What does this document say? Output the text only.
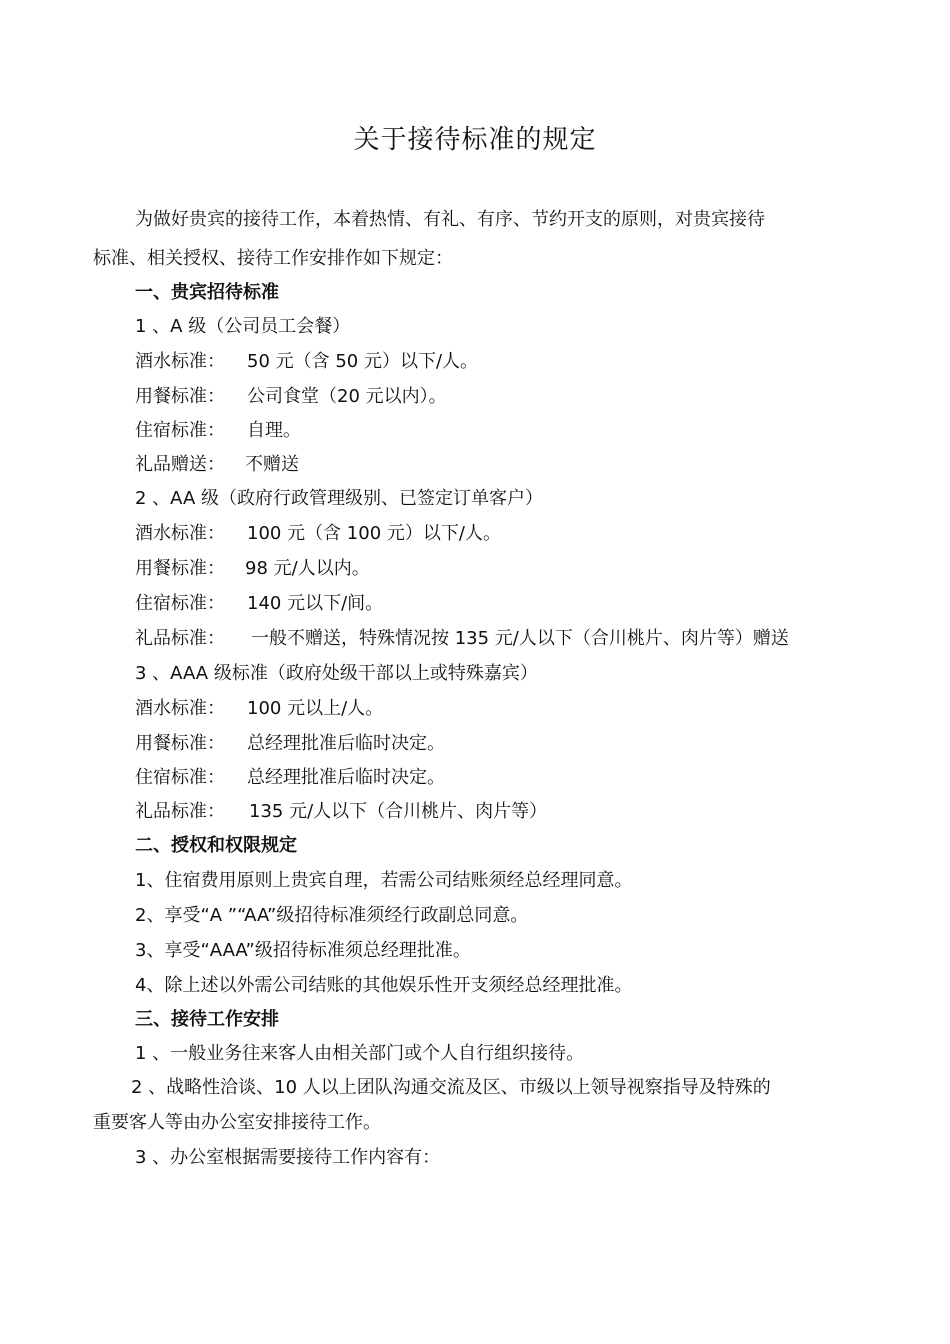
关于接待标准的规定
为做好贵宾的接待工作，本着热情、有礼、有序、节约开支的原则，对贵宾接待
标准、相关授权、接待工作安排作如下规定：
一、贵宾招待标准
1 、A 级（公司员工会餐）
酒水标准： 50 元（含 50 元）以下/人。
用餐标准： 公司食堂（20 元以内）。
住宿标准： 自理。
礼品赠送： 不赠送
2 、AA 级（政府行政管理级别、已签定订单客户）
酒水标准： 100 元（含 100 元）以下/人。
用餐标准： 98 元/人以内。
住宿标准： 140 元以下/间。
礼品标准： 一般不赠送，特殊情况按 135 元/人以下（合川桃片、肉片等）赠送
3 、AAA 级标准（政府处级干部以上或特殊嘉宾）
酒水标准： 100 元以上/人。
用餐标准： 总经理批准后临时决定。
住宿标准： 总经理批准后临时决定。
礼品标准： 135 元/人以下（合川桃片、肉片等）
二、授权和权限规定
1、住宿费用原则上贵宾自理，若需公司结账须经总经理同意。
2、享受“A ”“AA”级招待标准须经行政副总同意。
3、享受“AAA”级招待标准须总经理批准。
4、除上述以外需公司结账的其他娱乐性开支须经总经理批准。
三、接待工作安排
1 、一般业务往来客人由相关部门或个人自行组织接待。
2 、战略性洽谈、10 人以上团队沟通交流及区、市级以上领导视察指导及特殊的
重要客人等由办公室安排接待工作。
3 、办公室根据需要接待工作内容有：
